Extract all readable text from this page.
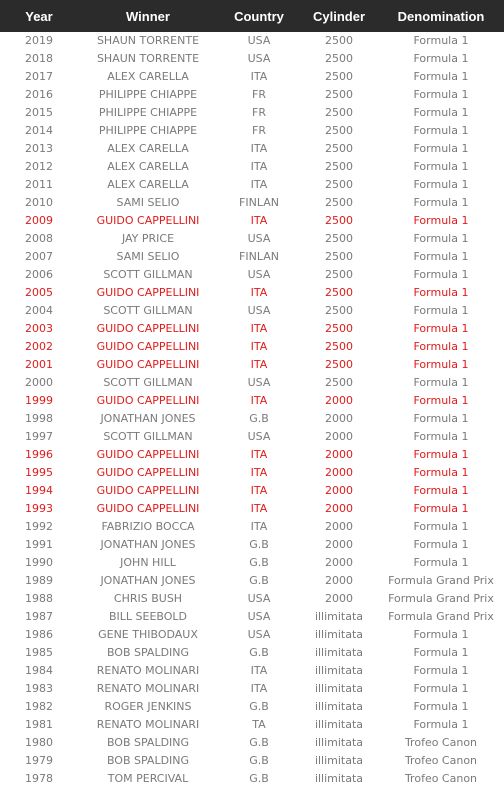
Year	Winner	Country	Cylinder	Denomination
2019	SHAUN TORRENTE	USA	2500	Formula 1
2018	SHAUN TORRENTE	USA	2500	Formula 1
2017	ALEX CARELLA	ITA	2500	Formula 1
2016	PHILIPPE CHIAPPE	FR	2500	Formula 1
2015	PHILIPPE CHIAPPE	FR	2500	Formula 1
2014	PHILIPPE CHIAPPE	FR	2500	Formula 1
2013	ALEX CARELLA	ITA	2500	Formula 1
2012	ALEX CARELLA	ITA	2500	Formula 1
2011	ALEX CARELLA	ITA	2500	Formula 1
2010	SAMI SELIO	FINLAN	2500	Formula 1
2009	GUIDO CAPPELLINI	ITA	2500	Formula 1
2008	JAY PRICE	USA	2500	Formula 1
2007	SAMI SELIO	FINLAN	2500	Formula 1
2006	SCOTT GILLMAN	USA	2500	Formula 1
2005	GUIDO CAPPELLINI	ITA	2500	Formula 1
2004	SCOTT GILLMAN	USA	2500	Formula 1
2003	GUIDO CAPPELLINI	ITA	2500	Formula 1
2002	GUIDO CAPPELLINI	ITA	2500	Formula 1
2001	GUIDO CAPPELLINI	ITA	2500	Formula 1
2000	SCOTT GILLMAN	USA	2500	Formula 1
1999	GUIDO CAPPELLINI	ITA	2000	Formula 1
1998	JONATHAN JONES	G.B	2000	Formula 1
1997	SCOTT GILLMAN	USA	2000	Formula 1
1996	GUIDO CAPPELLINI	ITA	2000	Formula 1
1995	GUIDO CAPPELLINI	ITA	2000	Formula 1
1994	GUIDO CAPPELLINI	ITA	2000	Formula 1
1993	GUIDO CAPPELLINI	ITA	2000	Formula 1
1992	FABRIZIO BOCCA	ITA	2000	Formula 1
1991	JONATHAN JONES	G.B	2000	Formula 1
1990	JOHN HILL	G.B	2000	Formula 1
1989	JONATHAN JONES	G.B	2000	Formula Grand Prix
1988	CHRIS BUSH	USA	2000	Formula Grand Prix
1987	BILL SEEBOLD	USA	illimitata	Formula Grand Prix
1986	GENE THIBODAUX	USA	illimitata	Formula 1
1985	BOB SPALDING	G.B	illimitata	Formula 1
1984	RENATO MOLINARI	ITA	illimitata	Formula 1
1983	RENATO MOLINARI	ITA	illimitata	Formula 1
1982	ROGER JENKINS	G.B	illimitata	Formula 1
1981	RENATO MOLINARI	TA	illimitata	Formula 1
1980	BOB SPALDING	G.B	illimitata	Trofeo Canon
1979	BOB SPALDING	G.B	illimitata	Trofeo Canon
1978	TOM PERCIVAL	G.B	illimitata	Trofeo Canon
